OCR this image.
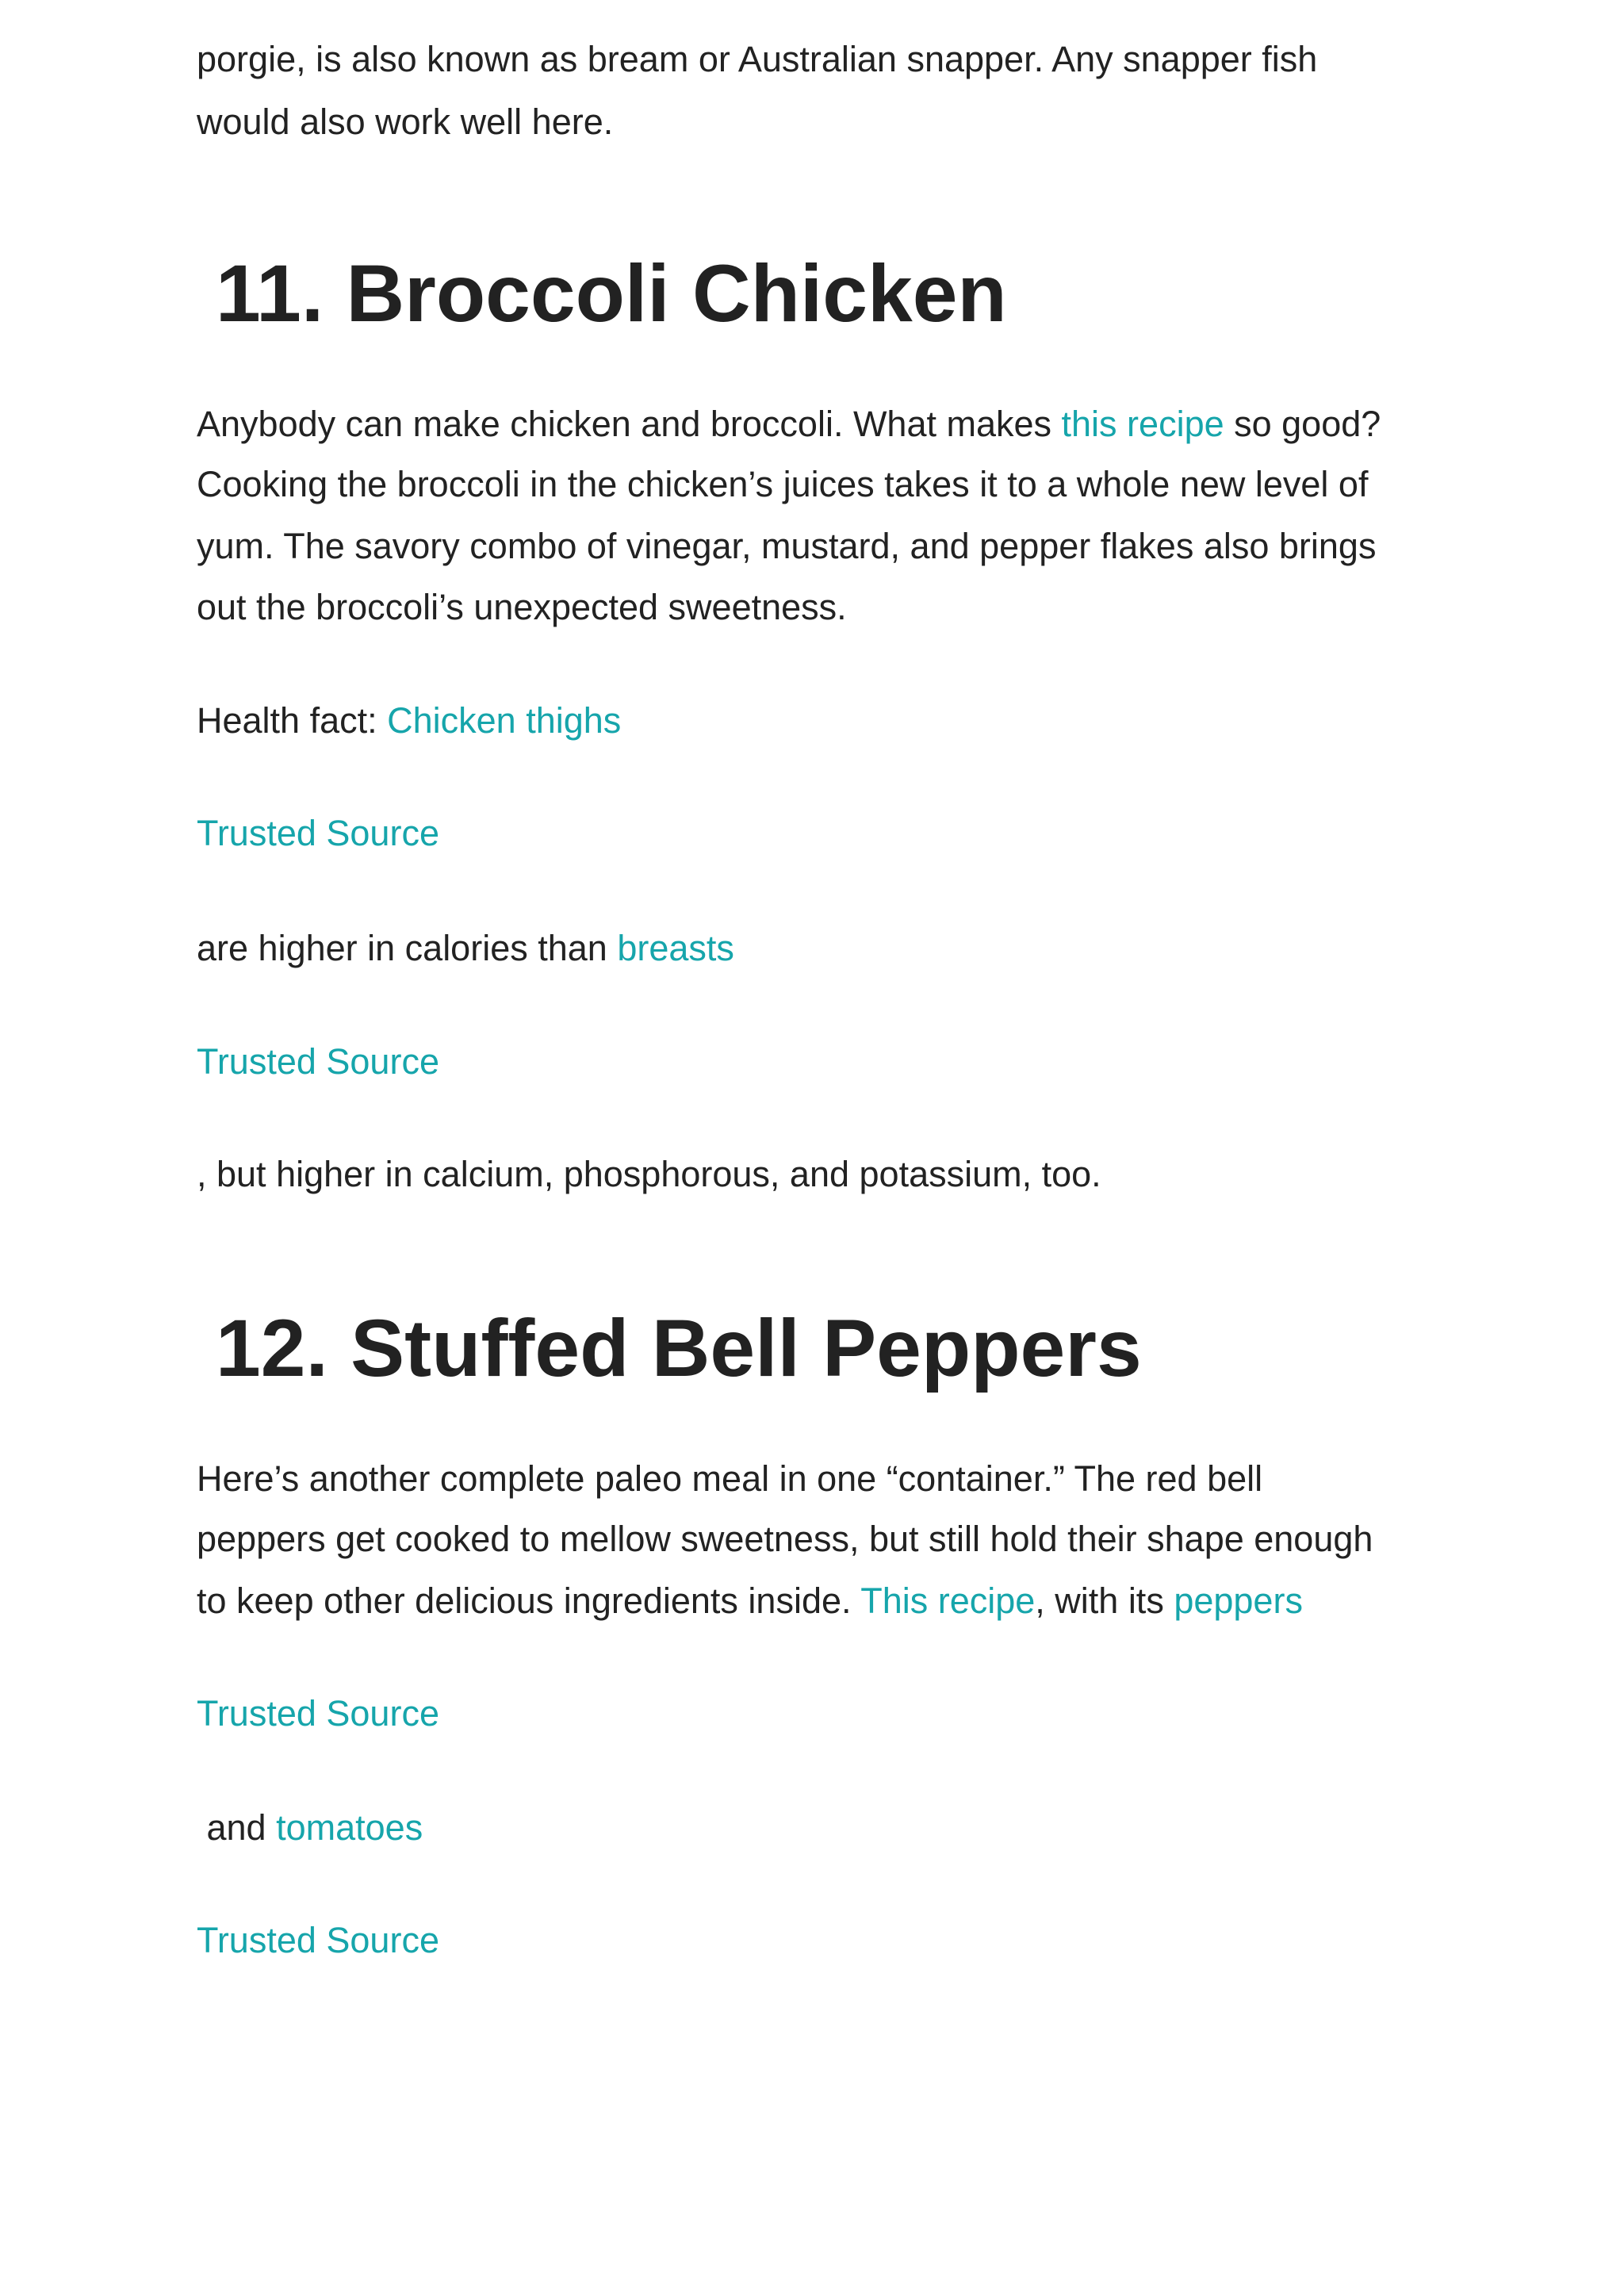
porgie, is also known as bream or Australian snapper. Any snapper fish

would also work well here.

11. Broccoli Chicken

Anybody can make chicken and broccoli. What makes this recipe so good?

Cooking the broccoli in the chicken’s juices takes it to a whole new level of

yum. The savory combo of vinegar, mustard, and pepper flakes also brings

out the broccoli’s unexpected sweetness.

Health fact: Chicken thighs

Trusted Source

are higher in calories than breasts

Trusted Source

, but higher in calcium, phosphorous, and potassium, too.

12. Stuffed Bell Peppers

Here’s another complete paleo meal in one “container.” The red bell

peppers get cooked to mellow sweetness, but still hold their shape enough

to keep other delicious ingredients inside. This recipe, with its peppers

Trusted Source

and tomatoes

Trusted Source
